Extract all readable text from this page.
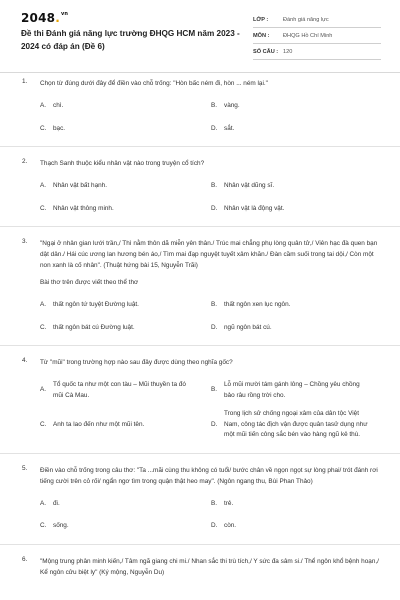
2048.$^{vn}$
Đề thi Đánh giá năng lực trường ĐHQG HCM năm 2023 - 2024 có đáp án (Đề 6)
LỚP :	Đánh giá năng lực
MÔN :	ĐHQG Hồ Chí Minh
SỐ CÂU : 120
1. Chọn từ đúng dưới đây để điền vào chỗ trống: "Hòn bấc ném đi, hòn ... ném lại."
A.	chì.	B.	vàng.
C.	bạc.	D.	sắt.
2. Thạch Sanh thuộc kiểu nhân vật nào trong truyện cổ tích?
A.	Nhân vật bất hạnh.	B.	Nhân vật dũng sĩ.
C.	Nhân vật thông minh.	D.	Nhân vật là động vật.
3. "Ngại ở nhân gian lưới trần,/ Thì nằm thôn dã miễn yên thân./ Trúc mai chẳng phụ lòng quân tử,/ Viên hạc đà quen bạn dật dân./ Hái cúc ương lan hương bén áo,/ Tìm mai đạp nguyệt tuyết xâm khăn./ Đàn cầm suối trong tai dội,/ Còn một non xanh là cố nhân". (Thuật hứng bài 15, Nguyễn Trãi)
Bài thơ trên được viết theo thể thơ
A.	thất ngôn tứ tuyệt Đường luật.	B.	thất ngôn xen lục ngôn.
C.	thất ngôn bát cú Đường luật.	D.	ngũ ngôn bát cú.
4. Từ "mũi" trong trường hợp nào sau đây được dùng theo nghĩa gốc?
A.
Tổ quốc ta như một con tàu – Mũi thuyền ta đó mũi Cà Mau.
B.
Lỗ mũi mười tám gánh lông – Chồng yêu chồng bảo râu rồng trời cho.
C.	Anh ta lao đến như một mũi tên.	D.
Trong lịch sử chống ngoại xâm của dân tộc Việt Nam, công tác địch vận được quân tasử dụng như một mũi tiến công sắc bén vào hàng ngũ kẻ thù.
5. Điền vào chỗ trống trong câu thơ: "Ta ...mãi cùng thu không có tuổi/ bước chân về ngọn ngọt sự lòng phai/ trót đánh rơi tiếng cười trên cỏ rối/ ngẩn ngơ tìm trong quận thật heo may". (Ngôn ngang thu, Bùi Phan Thảo)
A.	đi.	B.	trẻ.
C.	sống.	D.	còn.
6. "Mộng trung phân minh kiến,/ Tâm ngã giang chi mi./ Nhan sắc thi trù tích,/ Y sức đa sâm si./ Thể ngôn khổ bệnh hoạn,/ Kể ngôn cửu biệt ly" (Ký mộng, Nguyễn Du)
